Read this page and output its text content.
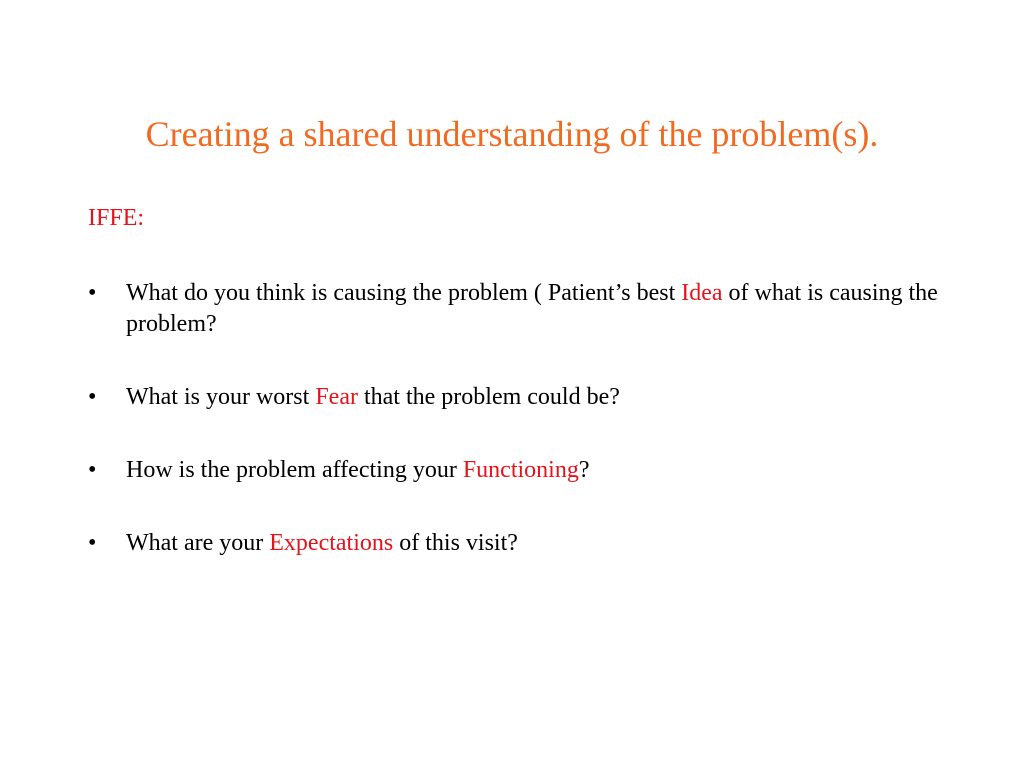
Creating a shared understanding of the problem(s).

IFFE:

• What do you think is causing the problem ( Patient’s best Idea of what is causing the problem?
• What is your worst Fear that the problem could be?
• How is the problem affecting your Functioning?
• What are your Expectations of this visit?
